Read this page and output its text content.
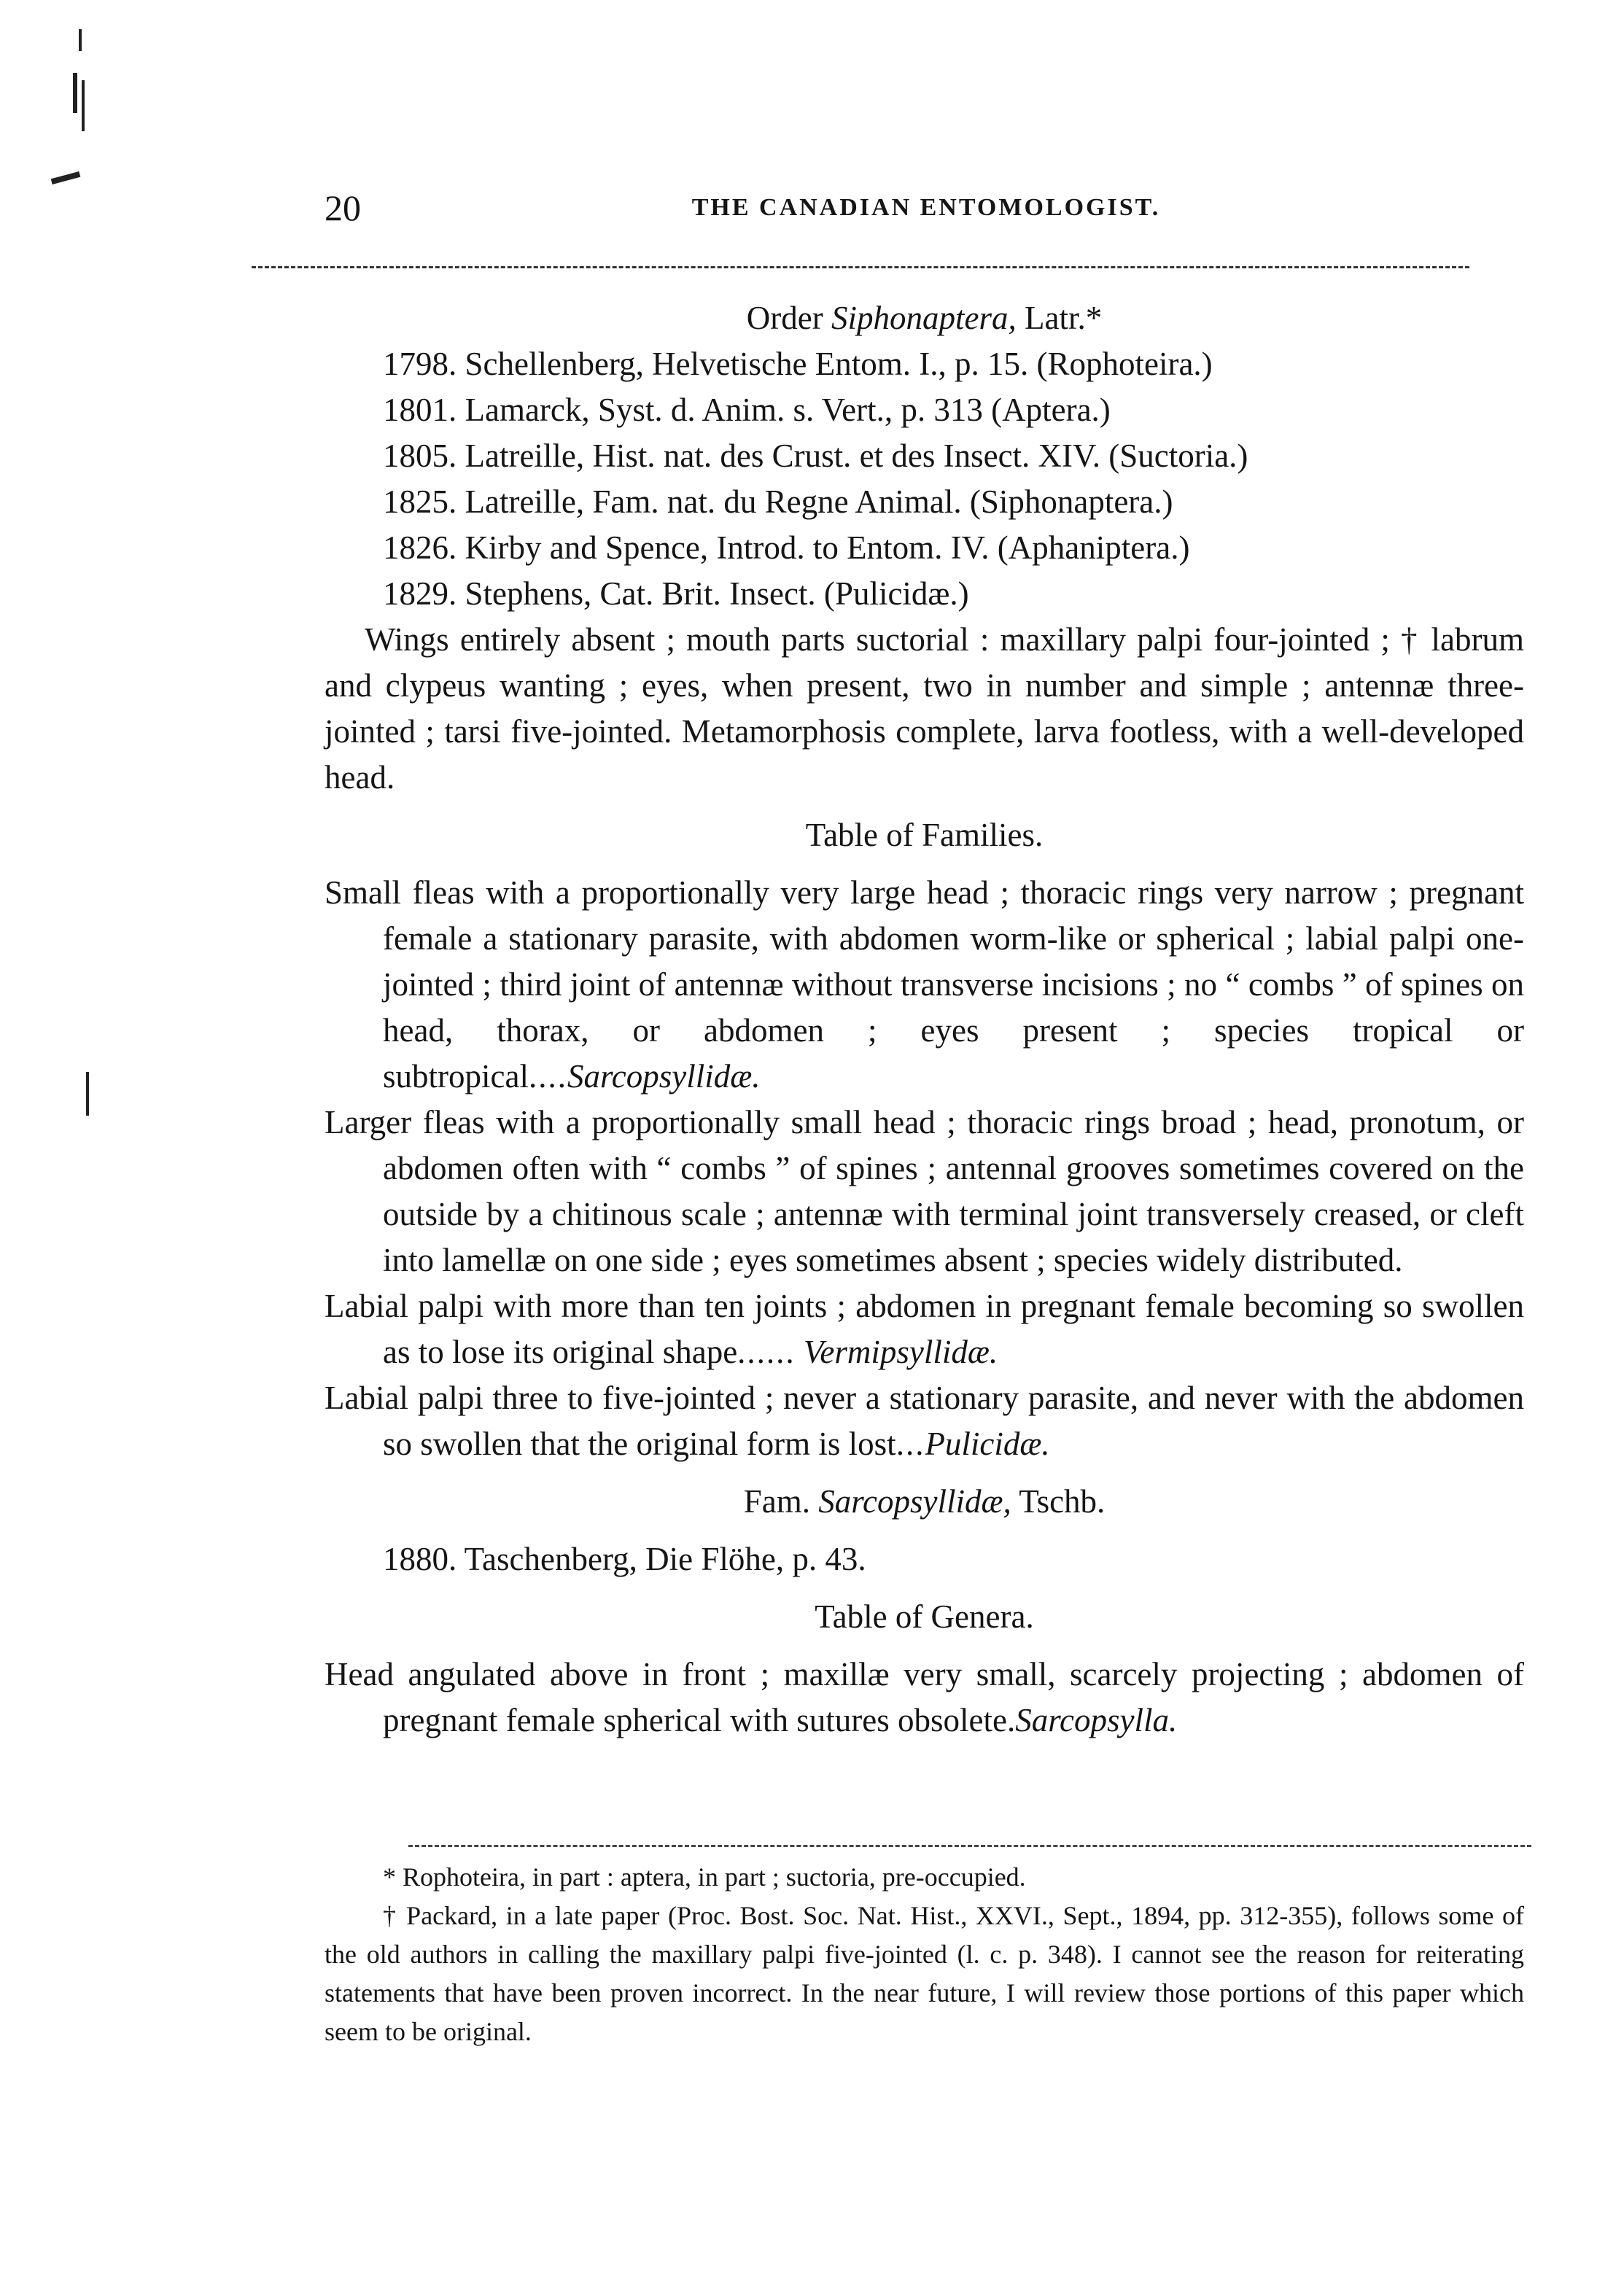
20	THE CANADIAN ENTOMOLOGIST.

Order Siphonaptera, Latr.*

1798. Schellenberg, Helvetische Entom. I., p. 15. (Rophoteira.)

1801. Lamarck, Syst. d. Anim. s. Vert., p. 313 (Aptera.)

1805. Latreille, Hist. nat. des Crust. et des Insect. XIV. (Suctoria.)

1825. Latreille, Fam. nat. du Regne Animal. (Siphonaptera.)

1826. Kirby and Spence, Introd. to Entom. IV. (Aphaniptera.)

1829. Stephens, Cat. Brit. Insect. (Pulicidæ.)

Wings entirely absent ; mouth parts suctorial : maxillary palpi four-jointed ; † labrum and clypeus wanting ; eyes, when present, two in number and simple ; antennæ three-jointed ; tarsi five-jointed. Metamorphosis complete, larva footless, with a well-developed head.

Table of Families.

Small fleas with a proportionally very large head ; thoracic rings very narrow ; pregnant female a stationary parasite, with abdomen worm-like or spherical ; labial palpi one-jointed ; third joint of antennæ without transverse incisions ; no “ combs ” of spines on head, thorax, or abdomen ; eyes present ; species tropical or subtropical....Sarcopsyllidæ.

Larger fleas with a proportionally small head ; thoracic rings broad ; head, pronotum, or abdomen often with “ combs ” of spines ; antennal grooves sometimes covered on the outside by a chitinous scale ; antennæ with terminal joint transversely creased, or cleft into lamellæ on one side ; eyes sometimes absent ; species widely distributed.

Labial palpi with more than ten joints ; abdomen in pregnant female becoming so swollen as to lose its original shape...... Vermipsyllidæ.

Labial palpi three to five-jointed ; never a stationary parasite, and never with the abdomen so swollen that the original form is lost...Pulicidæ.

Fam. Sarcopsyllidæ, Tschb.

1880. Taschenberg, Die Flöhe, p. 43.

Table of Genera.

Head angulated above in front ; maxillæ very small, scarcely projecting ; abdomen of pregnant female spherical with sutures obsolete.Sarcopsylla.

* Rophoteira, in part : aptera, in part ; suctoria, pre-occupied.

† Packard, in a late paper (Proc. Bost. Soc. Nat. Hist., XXVI., Sept., 1894, pp. 312-355), follows some of the old authors in calling the maxillary palpi five-jointed (l. c. p. 348). I cannot see the reason for reiterating statements that have been proven incorrect. In the near future, I will review those portions of this paper which seem to be original.
